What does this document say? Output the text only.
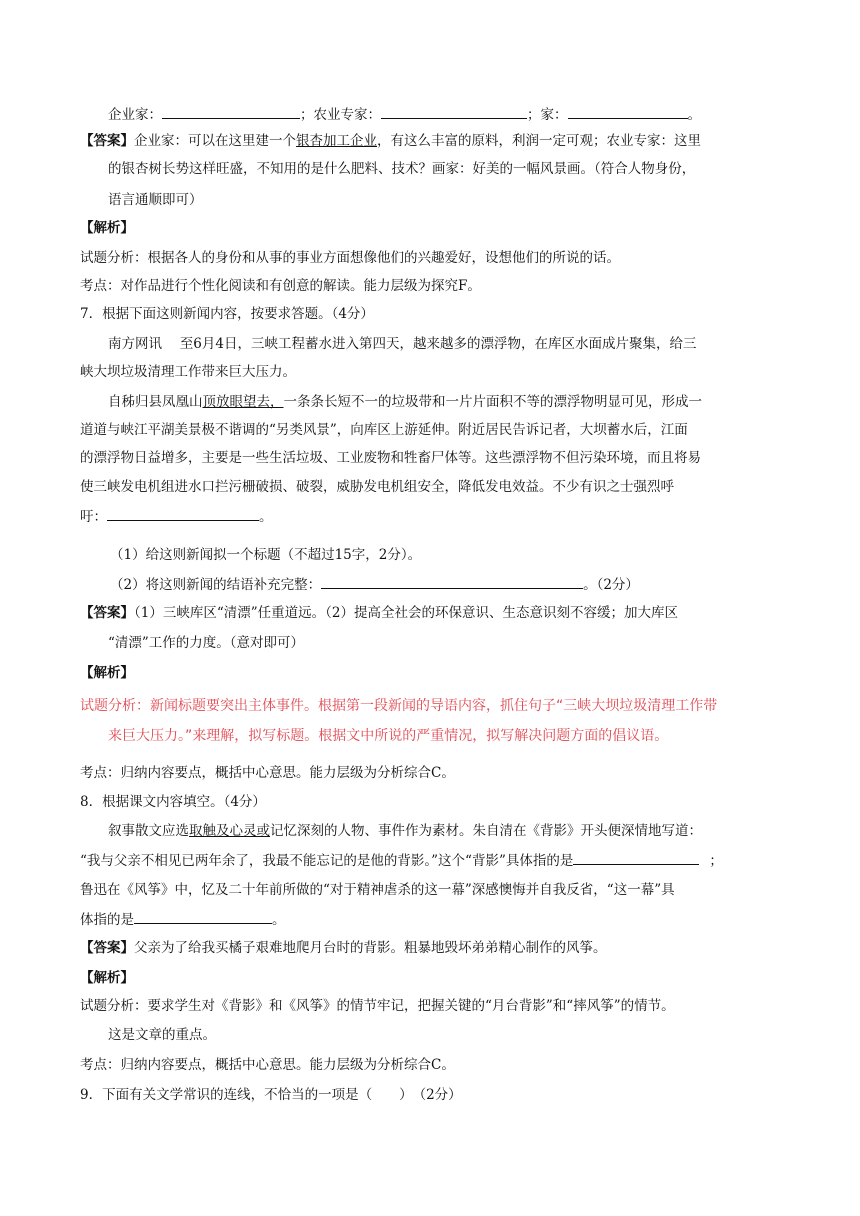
企业家：	；农业专家：	；家：	。
【答案】企业家：可以在这里建一个银杏加工企业，有这么丰富的原料，利润一定可观；农业专家：这里
的银杏树长势这样旺盛，不知用的是什么肥料、技术？画家：好美的一幅风景画。（符合人物身份，
语言通顺即可）
【解析】
试题分析：根据各人的身份和从事的事业方面想像他们的兴趣爱好，设想他们的所说的话。
考点：对作品进行个性化阅读和有创意的解读。能力层级为探究F。
7．根据下面这则新闻内容，按要求答题。（4分）
南方网讯　 至6月4日，三峡工程蓄水进入第四天，越来越多的漂浮物，在库区水面成片聚集，给三
峡大坝垃圾清理工作带来巨大压力。
自秭归县凤凰山顶放眼望去，一条条长短不一的垃圾带和一片片面积不等的漂浮物明显可见，形成一
道道与峡江平湖美景极不谐调的“另类风景”，向库区上游延伸。附近居民告诉记者，大坝蓄水后，江面
的漂浮物日益增多，主要是一些生活垃圾、工业废物和牲畜尸体等。这些漂浮物不但污染环境，而且将易
使三峡发电机组进水口拦污栅破损、破裂，威胁发电机组安全，降低发电效益。不少有识之士强烈呼
吁：	。
（1）给这则新闻拟一个标题（不超过15字，2分）。
（2）将这则新闻的结语补充完整：	。（2分）
【答案】（1）三峡库区“清漂”任重道远。（2）提高全社会的环保意识、生态意识刻不容缓；加大库区
“清漂”工作的力度。（意对即可）
【解析】
试题分析：新闻标题要突出主体事件。根据第一段新闻的导语内容，抓住句子“三峡大坝垃圾清理工作带
来巨大压力。”来理解，拟写标题。根据文中所说的严重情况，拟写解决问题方面的倡议语。
考点：归纳内容要点，概括中心意思。能力层级为分析综合C。
8．根据课文内容填空。（4分）
叙事散文应选取触及心灵或记忆深刻的人物、事件作为素材。朱自清在《背影》开头便深情地写道：
“我与父亲不相见已两年余了，我最不能忘记的是他的背影。”这个“背影”具体指的是	；
鲁迅在《风筝》中，忆及二十年前所做的“对于精神虐杀的这一幕”深感懊悔并自我反省，“这一幕”具
体指的是	。
【答案】父亲为了给我买橘子艰难地爬月台时的背影。粗暴地毁坏弟弟精心制作的风筝。
【解析】
试题分析：要求学生对《背影》和《风筝》的情节牢记，把握关键的“月台背影”和“摔风筝”的情节。
这是文章的重点。
考点：归纳内容要点，概括中心意思。能力层级为分析综合C。
9．下面有关文学常识的连线，不恰当的一项是（　　）　（2分）
